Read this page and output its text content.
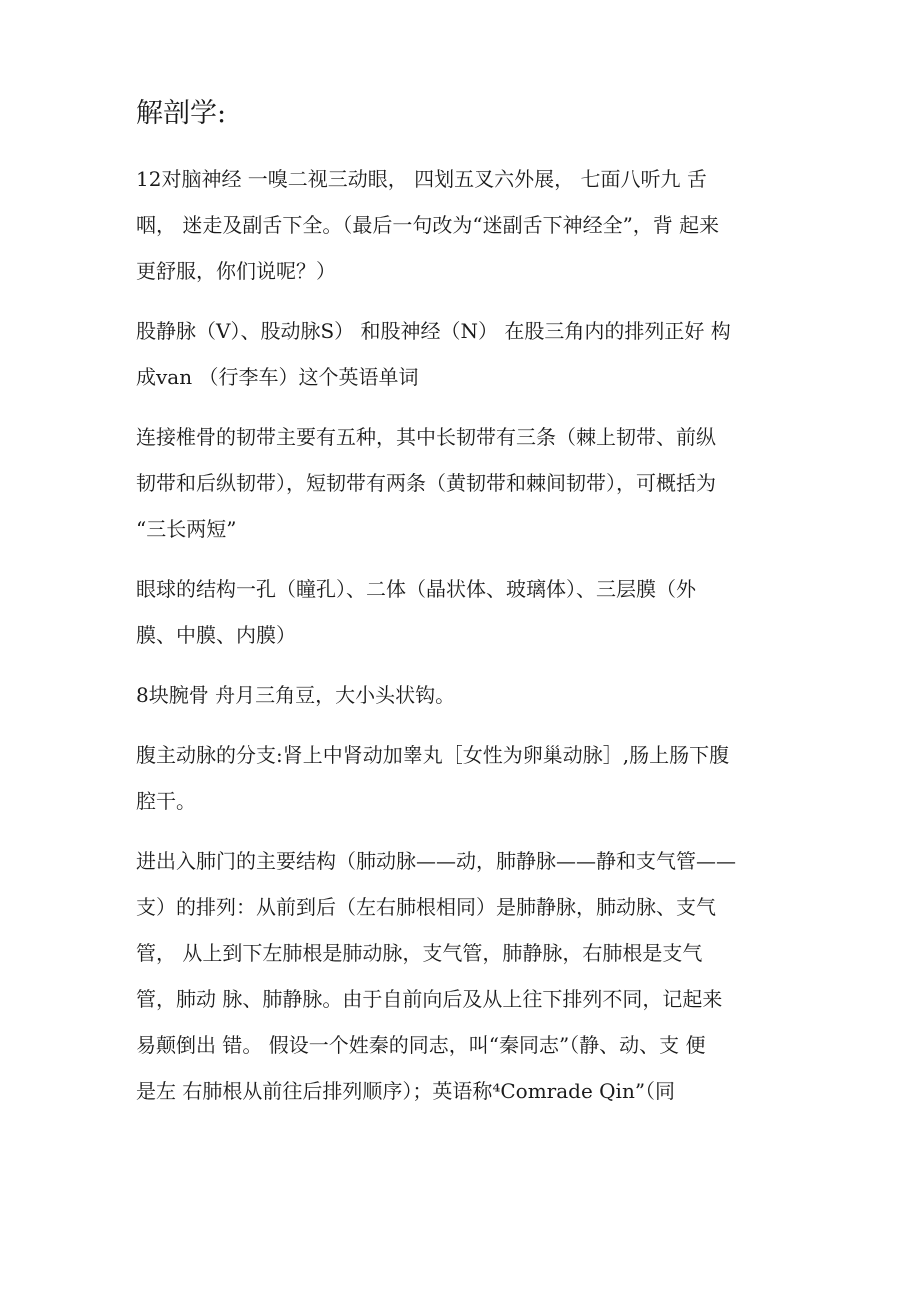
解剖学:
12对脑神经 一嗅二视三动眼， 四划五叉六外展， 七面八听九 舌
咽， 迷走及副舌下全。（最后一句改为“迷副舌下神经全”，背 起来
更舒服，你们说呢？）
股静脉（V）、股动脉S） 和股神经（N） 在股三角内的排列正好 构
成van （行李车）这个英语单词
连接椎骨的韧带主要有五种，其中长韧带有三条（棘上韧带、前纵
韧带和后纵韧带），短韧带有两条（黄韧带和棘间韧带），可概括为
“三长两短”
眼球的结构一孔（瞳孔）、二体（晶状体、玻璃体）、三层膜（外
膜、中膜、内膜）
8块腕骨 舟月三角豆，大小头状钩。
腹主动脉的分支:肾上中肾动加睾丸［女性为卵巢动脉］,肠上肠下腹
腔干。
进出入肺门的主要结构（肺动脉——动，肺静脉——静和支气管——
支）的排列：从前到后（左右肺根相同）是肺静脉，肺动脉、支气
管， 从上到下左肺根是肺动脉，支气管，肺静脉，右肺根是支气
管，肺动 脉、肺静脉。由于自前向后及从上往下排列不同，记起来
易颠倒出 错。 假设一个姓秦的同志，叫“秦同志”（静、动、支 便
是左 右肺根从前往后排列顺序）；英语称⁴Comrade Qin”（同
